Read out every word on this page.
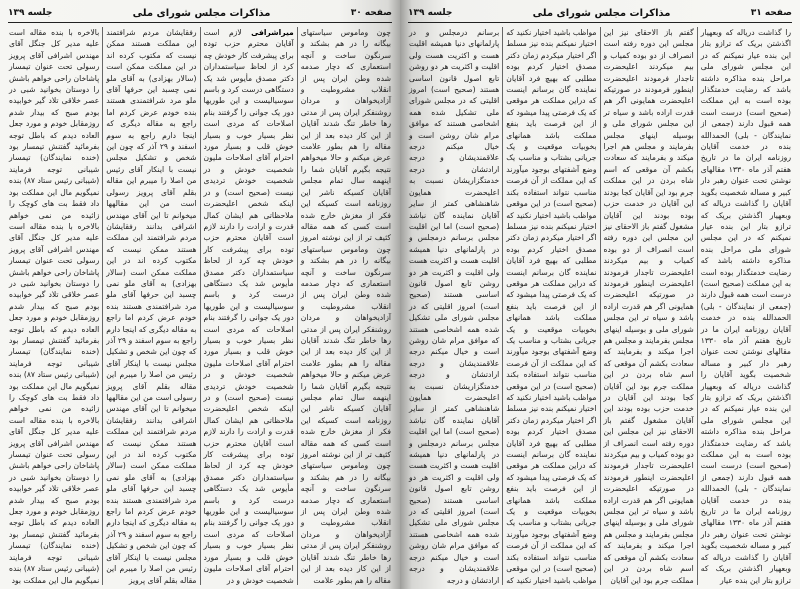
جلسه ۱۳۹	مذاکرات مجلس شورای ملی	صفحه ۳۰
چون وماموس سیاستهای بیگانه را در هم بشکند و سرنگون ساخت و آنچه استعماری که دچار صدمه شده وطن ایران پس از انقلاب مشروطیت و آزادیخواهان و مردان روشنفکر ایران پس از مدتی رها خاطر تنگ شدند آقایان از این کار دیده بعد از این مقاله را هم بطور علامت عرض میکنم و حالا میخواهم نتیجه بگیرم آقایان شما را اینهمه سال تمام مجلس آقایان کسیکه ناشر این روزنامه است کسیکه این فکر از مغزش خارج شده است کسی که همه مقاله کثیف تر از این نوشته امروز چون وماموس سیاستهای بیگانه را در هم بشکند و سرنگون ساخت و آنچه استعماری که دچار صدمه شده وطن ایران پس از انقلاب مشروطیت و آزادیخواهان و مردان روشنفکر ایران پس از مدتی رها خاطر تنگ شدند آقایان از این کار دیده بعد از این مقاله را هم بطور علامت عرض میکنم و حالا میخواهم نتیجه بگیرم آقایان شما را اینهمه سال تمام مجلس آقایان کسیکه ناشر این روزنامه است کسیکه این فکر از مغزش خارج شده است کسی که همه مقاله کثیف تر از این نوشته امروز چون وماموس سیاستهای بیگانه را در هم بشکند و سرنگون ساخت و آنچه استعماری که دچار صدمه شده وطن ایران پس از انقلاب مشروطیت و آزادیخواهان و مردان روشنفکر ایران پس از مدتی رها خاطر تنگ شدند آقایان از این کار دیده بعد از این مقاله را هم بطور علامت
میراشرافی لازم است آقایان محترم حزب توده برای پیشرفت کار خودش چه کرد از لحاظ سیاستمداران دکتر مصدق مأیوس شد یک دستگاهی درست کرد و باسم سوسیالیست و این طوریها دور یک جوانی را گرفتند بنام اصلاحات که مردی است نظر بسیار خوب و بسیار خوش قلب و بسیار مورد احترام آقای اصلاحات ملیون شخصیت خودش و در شخصیت خودش تردیدی نیست (صحیح است) و در اینکه شخص اعلیحضرت ملاحظاتی هم ایشان کمال قدرت و ارادت را دارند لازم است آقایان محترم حزب توده برای پیشرفت کار خودش چه کرد از لحاظ سیاستمداران دکتر مصدق مأیوس شد یک دستگاهی درست کرد و باسم سوسیالیست و این طوریها دور یک جوانی را گرفتند بنام اصلاحات که مردی است نظر بسیار خوب و بسیار خوش قلب و بسیار مورد احترام آقای اصلاحات ملیون شخصیت خودش و در شخصیت خودش تردیدی نیست (صحیح است) و در اینکه شخص اعلیحضرت ملاحظاتی هم ایشان کمال قدرت و ارادت را دارند لازم است آقایان محترم حزب توده برای پیشرفت کار خودش چه کرد از لحاظ سیاستمداران دکتر مصدق مأیوس شد یک دستگاهی درست کرد و باسم سوسیالیست و این طوریها دور یک جوانی را گرفتند بنام اصلاحات که مردی است نظر بسیار خوب و بسیار خوش قلب و بسیار مورد احترام آقای اصلاحات ملیون شخصیت خودش و در
رفقایشان مردم شرافتمند این مملکت هستند ممکن نیست که مکتوب کرده اند در این مملکت ممکن است (سالار بهزادی) به آقای ملو نمی چسبد این حرفها آقای ملو مرد شرافتمندی هستند بنده خودم عرض کردم اما راجع به مقاله دیگری که اینجا دارم راجع به سوم اسفند و ۲۹ آذر که چون این شخص و تشکیل مجلس نیست با اینکار آقای رئیس من اصلا را میبرم این مقاله بقلم آقای پرویز رسولی است من این مقالهها میخوانم تا این آقای مهندس اشرافی بدانند رفقایشان مردم شرافتمند این مملکت هستند ممکن نیست که مکتوب کرده اند در این مملکت ممکن است (سالار بهزادی) به آقای ملو نمی چسبد این حرفها آقای ملو مرد شرافتمندی هستند بنده خودم عرض کردم اما راجع به مقاله دیگری که اینجا دارم راجع به سوم اسفند و ۲۹ آذر که چون این شخص و تشکیل مجلس نیست با اینکار آقای رئیس من اصلا را میبرم این مقاله بقلم آقای پرویز رسولی است من این مقالهها میخوانم تا این آقای مهندس اشرافی بدانند رفقایشان مردم شرافتمند این مملکت هستند ممکن نیست که مکتوب کرده اند در این مملکت ممکن است (سالار بهزادی) به آقای ملو نمی چسبد این حرفها آقای ملو مرد شرافتمندی هستند بنده خودم عرض کردم اما راجع به مقاله دیگری که اینجا دارم راجع به سوم اسفند و ۲۹ آذر که چون این شخص و تشکیل مجلس نیست با اینکار آقای رئیس من اصلا را میبرم این مقاله بقلم آقای پرویز
بالاخره با بنده مقاله است علیه مدیر کل جنگل آقای مهندس اشرافی آقای پرویز رسولی تحت عنوان تیمسار پاشاخان راحی خواهم باشش را دوستان بخوانید شبی در عصر خلاقی تلاد گیر خوابیده بودم صبح که بیدار شدم روزمقابل خودم و مورد جعل العاده دیدم که باطل توجه بفرمائید گفتنش تیمسار بود (خنده نمایندگان) تیمسار شیبانی توجه فرمایند (شیبانی رئیس ستاد ۸۷) بنده نمیگویم مال این مملکت بود داد فقط بت های کوچک را زائیده من نمی خواهم بالاخره با بنده مقاله است علیه مدیر کل جنگل آقای مهندس اشرافی آقای پرویز رسولی تحت عنوان تیمسار پاشاخان راحی خواهم باشش را دوستان بخوانید شبی در عصر خلاقی تلاد گیر خوابیده بودم صبح که بیدار شدم روزمقابل خودم و مورد جعل العاده دیدم که باطل توجه بفرمائید گفتنش تیمسار بود (خنده نمایندگان) تیمسار شیبانی توجه فرمایند (شیبانی رئیس ستاد ۸۷) بنده نمیگویم مال این مملکت بود داد فقط بت های کوچک را زائیده من نمی خواهم بالاخره با بنده مقاله است علیه مدیر کل جنگل آقای مهندس اشرافی آقای پرویز رسولی تحت عنوان تیمسار پاشاخان راحی خواهم باشش را دوستان بخوانید شبی در عصر خلاقی تلاد گیر خوابیده بودم صبح که بیدار شدم روزمقابل خودم و مورد جعل العاده دیدم که باطل توجه بفرمائید گفتنش تیمسار بود (خنده نمایندگان) تیمسار شیبانی توجه فرمایند (شیبانی رئیس ستاد ۸۷) بنده نمیگویم مال این مملکت بود
جلسه ۱۳۹	مذاکرات مجلس شورای ملی	صفحه ۳۱
را گذاشت دریاله که وبعهیار اگذشتن بریک که ترازو بتار این بنده عیار نمیکنم که در این مجلس شورای ملی مراحل بنده مذاکره داشته باشد که رضایت خدمتگذار بوده است به این مملکت (صحیح است) درست است همه قبول دارند (جمعی از نمایندگان - بلی) الحمدالله بنده در خدمت آقایان روزنامه ایران ما در تاریخ هفتم آذر ماه ۱۳۳۰ مقالهای نوشتن تحت عنوان رهبر دار کبیر و مساله شخصیت بگوید آقایان را گذاشت دریاله که وبعهیار اگذشتن بریک که ترازو بتار این بنده عیار نمیکنم که در این مجلس شورای ملی مراحل بنده مذاکره داشته باشد که رضایت خدمتگذار بوده است به این مملکت (صحیح است) درست است همه قبول دارند (جمعی از نمایندگان - بلی) الحمدالله بنده در خدمت آقایان روزنامه ایران ما در تاریخ هفتم آذر ماه ۱۳۳۰ مقالهای نوشتن تحت عنوان رهبر دار کبیر و مساله شخصیت بگوید آقایان را گذاشت دریاله که وبعهیار اگذشتن بریک که ترازو بتار این بنده عیار نمیکنم که در این مجلس شورای ملی مراحل بنده مذاکره داشته باشد که رضایت خدمتگذار بوده است به این مملکت (صحیح است) درست است همه قبول دارند (جمعی از نمایندگان - بلی) الحمدالله بنده در خدمت آقایان روزنامه ایران ما در تاریخ هفتم آذر ماه ۱۳۳۰ مقالهای نوشتن تحت عنوان رهبر دار کبیر و مساله شخصیت بگوید آقایان را گذاشت دریاله که وبعهیار اگذشتن بریک که ترازو بتار این بنده عیار
گفتم باز الاحقای نیز این مجلس این دوره رفته است انصراف از دو بوده کمیاب و بیم میکردند اعلیحضرت تاجدار فرمودند اعلیحضرت اینطور فرمودند در صورتیکه اعلیحضرت همایونی اگر هم قدرت اراده باشد و سیاه تر این مجلس شورای ملی و بوسیله اینهای مجلس بفرمایند و مجلس هم اجرا میکند و بفرمایند که سعادت بکشم آن موقعی که اسم شاه بردن در این مملکت جرم بود این آقایان کجا بودند این آقایان در خدمت حزب بوده بودند این آقایان مشغول گفتم باز الاحقای نیز این مجلس این دوره رفته است انصراف از دو بوده کمیاب و بیم میکردند اعلیحضرت تاجدار فرمودند اعلیحضرت اینطور فرمودند در صورتیکه اعلیحضرت همایونی اگر هم قدرت اراده باشد و سیاه تر این مجلس شورای ملی و بوسیله اینهای مجلس بفرمایند و مجلس هم اجرا میکند و بفرمایند که سعادت بکشم آن موقعی که اسم شاه بردن در این مملکت جرم بود این آقایان کجا بودند این آقایان در خدمت حزب بوده بودند این آقایان مشغول گفتم باز الاحقای نیز این مجلس این دوره رفته است انصراف از دو بوده کمیاب و بیم میکردند اعلیحضرت تاجدار فرمودند اعلیحضرت اینطور فرمودند در صورتیکه اعلیحضرت همایونی اگر هم قدرت اراده باشد و سیاه تر این مجلس شورای ملی و بوسیله اینهای مجلس بفرمایند و مجلس هم اجرا میکند و بفرمایند که سعادت بکشم آن موقعی که اسم شاه بردن در این مملکت جرم بود این آقایان
مواظب باشید اختیار نکنید که اختیار نمیکنم بنده نیز مسلط اگر اختیار میکردم زمان دکتر مصدق اختیار کردم بوده مطلبی که بهیچ فرد آقایان نماینده گان برسانم اینست که دراین مملکت هر موقعی که یک فرصتی پیدا میشود که از این فرصت باید بنفع مملکت باشد همانهای بخوبیات موقعیت و یک جریانی بشتاب و مناسب یک وضع آشفتهای بوجود میآورند که این مملکت از آن فرصت مناسب نتواند استفاده بکند (صحیح است) در این موقعی مواظب باشید اختیار نکنید که اختیار نمیکنم بنده نیز مسلط اگر اختیار میکردم زمان دکتر مصدق اختیار کردم بوده مطلبی که بهیچ فرد آقایان نماینده گان برسانم اینست که دراین مملکت هر موقعی که یک فرصتی پیدا میشود که از این فرصت باید بنفع مملکت باشد همانهای بخوبیات موقعیت و یک جریانی بشتاب و مناسب یک وضع آشفتهای بوجود میآورند که این مملکت از آن فرصت مناسب نتواند استفاده بکند (صحیح است) در این موقعی مواظب باشید اختیار نکنید که اختیار نمیکنم بنده نیز مسلط اگر اختیار میکردم زمان دکتر مصدق اختیار کردم بوده مطلبی که بهیچ فرد آقایان نماینده گان برسانم اینست که دراین مملکت هر موقعی که یک فرصتی پیدا میشود که از این فرصت باید بنفع مملکت باشد همانهای بخوبیات موقعیت و یک جریانی بشتاب و مناسب یک وضع آشفتهای بوجود میآورند که این مملکت از آن فرصت مناسب نتواند استفاده بکند (صحیح است) در این موقعی مواظب باشید اختیار نکنید که
برسانم درمجلس و در پارلمانهای دنیا همیشه اقلیت هست و اکثریت هست ولی اقلیت و اکثریت هر دو روشن تابع اصول قانون اساسی هستند (صحیح است) امروز اقلیتی که در مجلس شورای ملی تشکیل شده همه اشخاصی هستند که موافق مرام شان روشن است و خیال میکنم درجه علاقمندیشان و درجه ارادتشان و درجه خدمتگزاریشان نسبت به اعلیحضرت همایون شاهنشاهی کمتر از سایر آقایان نماینده گان نباشد (صحیح است) اما این اقلیت مجلس برسانم درمجلس و در پارلمانهای دنیا همیشه اقلیت هست و اکثریت هست ولی اقلیت و اکثریت هر دو روشن تابع اصول قانون اساسی هستند (صحیح است) امروز اقلیتی که در مجلس شورای ملی تشکیل شده همه اشخاصی هستند که موافق مرام شان روشن است و خیال میکنم درجه علاقمندیشان و درجه ارادتشان و درجه خدمتگزاریشان نسبت به اعلیحضرت همایون شاهنشاهی کمتر از سایر آقایان نماینده گان نباشد (صحیح است) اما این اقلیت مجلس برسانم درمجلس و در پارلمانهای دنیا همیشه اقلیت هست و اکثریت هست ولی اقلیت و اکثریت هر دو روشن تابع اصول قانون اساسی هستند (صحیح است) امروز اقلیتی که در مجلس شورای ملی تشکیل شده همه اشخاصی هستند که موافق مرام شان روشن است و خیال میکنم درجه علاقمندیشان و درجه ارادتشان و درجه
